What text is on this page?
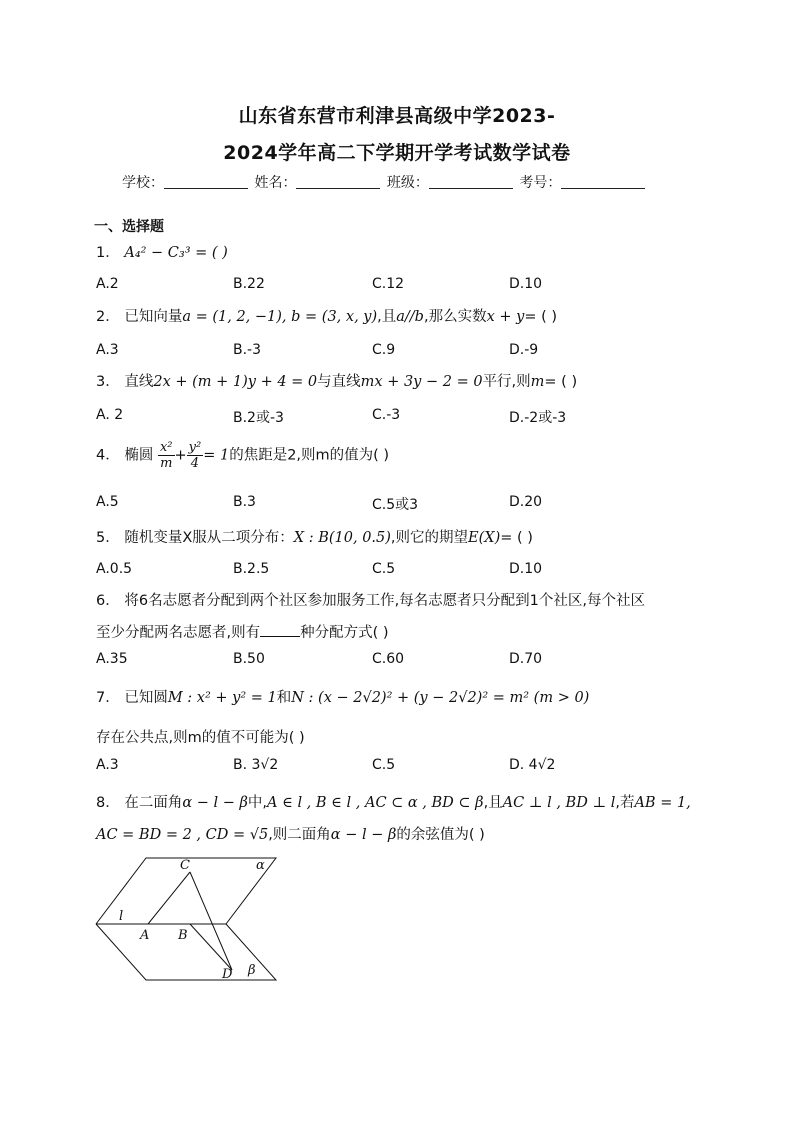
山东省东营市利津县高级中学2023-
2024学年高二下学期开学考试数学试卷
学校：	姓名：	班级：	考号：
一、选择题
1． A₄² − C₃³ = ( )
A.2	B.22	C.12	D.10
2． 已知向量a = (1, 2, −1), b = (3, x, y),且a//b,那么实数x + y= ( )
A.3	B.-3	C.9	D.-9
3． 直线2x + (m + 1)y + 4 = 0与直线mx + 3y − 2 = 0平行,则m= ( )
A. 2	B.2或-3	C.-3	D.-2或-3
4． 椭圆 $\frac{\text{x²}}{m} + \frac{\text{y²}}{4} = 1$的焦距是2,则m的值为( )
A.5	B.3	C.5或3	D.20
5． 随机变量X服从二项分布：X : B(10, 0.5),则它的期望E(X)= ( )
A.0.5	B.2.5	C.5	D.10
6． 将6名志愿者分配到两个社区参加服务工作,每名志愿者只分配到1个社区,每个社区
至少分配两名志愿者,则有	种分配方式( )
A.35	B.50	C.60	D.70
7． 已知圆M : x² + y² = 1和N : (x − 2√2)² + (y − 2√2)² = m² (m > 0)
存在公共点,则m的值不可能为( )
A.3	B. 3√2	C.5	D. 4√2
8． 在二面角α − l − β中,A ∈ l , B ∈ l , AC ⊂ α , BD ⊂ β,且AC ⊥ l , BD ⊥ l,若AB = 1,
AC = BD = 2 , CD = √5,则二面角α − l − β的余弦值为( )
C	α
l
A B
D β
